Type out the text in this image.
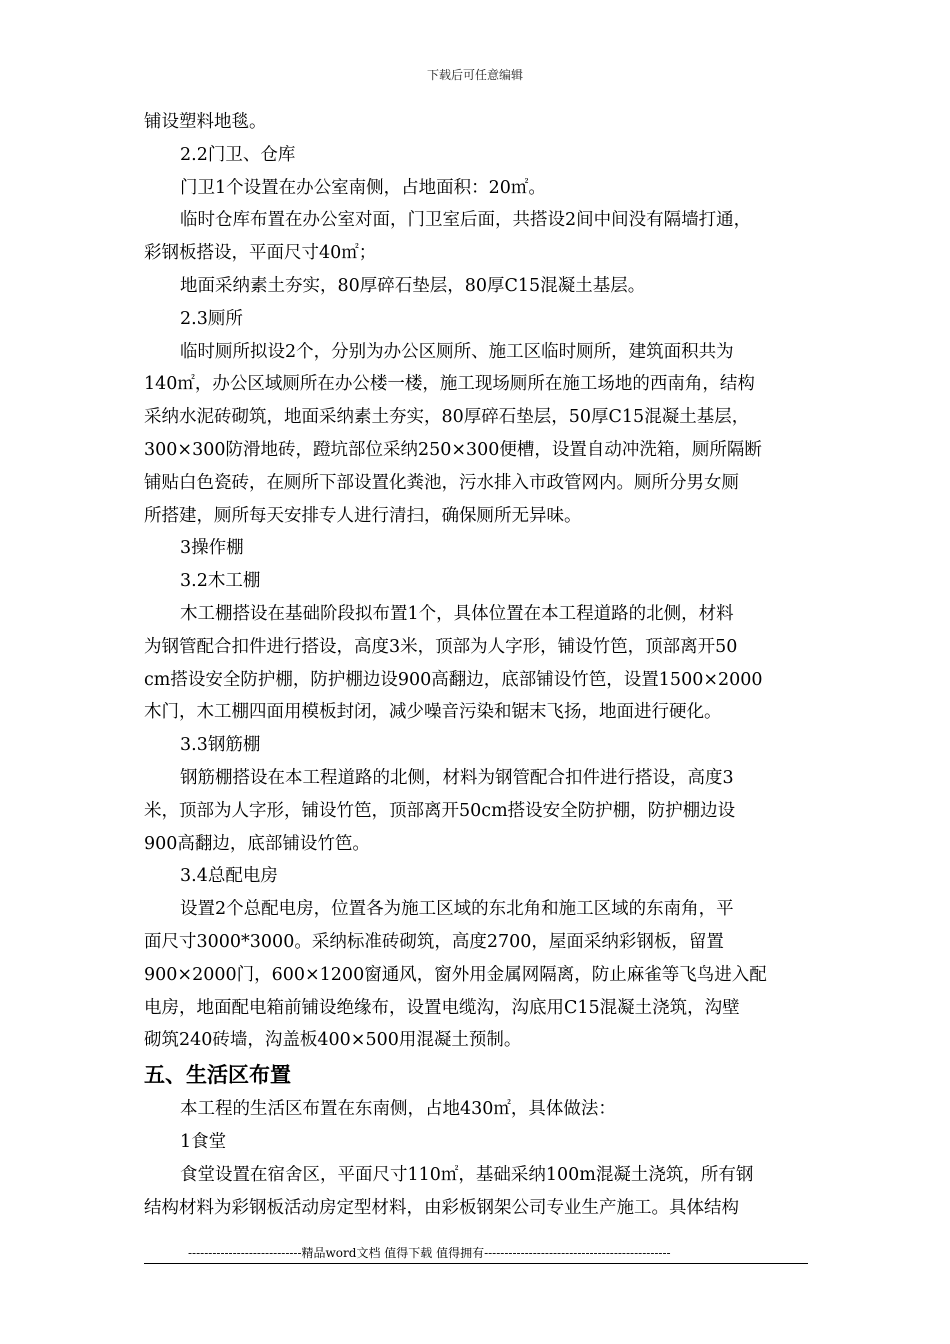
下载后可任意编辑
铺设塑料地毯。
2.2门卫、仓库
门卫1个设置在办公室南侧，占地面积：20㎡。
临时仓库布置在办公室对面，门卫室后面，共搭设2间中间没有隔墙打通，
彩钢板搭设，平面尺寸40㎡；
地面采纳素土夯实，80厚碎石垫层，80厚C15混凝土基层。
2.3厕所
临时厕所拟设2个，分别为办公区厕所、施工区临时厕所，建筑面积共为
140㎡，办公区域厕所在办公楼一楼，施工现场厕所在施工场地的西南角，结构
采纳水泥砖砌筑，地面采纳素土夯实，80厚碎石垫层，50厚C15混凝土基层，
300×300防滑地砖，蹬坑部位采纳250×300便槽，设置自动冲洗箱，厕所隔断
铺贴白色瓷砖，在厕所下部设置化粪池，污水排入市政管网内。厕所分男女厕
所搭建，厕所每天安排专人进行清扫，确保厕所无异味。
3操作棚
3.2木工棚
木工棚搭设在基础阶段拟布置1个，具体位置在本工程道路的北侧，材料
为钢管配合扣件进行搭设，高度3米，顶部为人字形，铺设竹笆，顶部离开50
cm搭设安全防护棚，防护棚边设900高翻边，底部铺设竹笆，设置1500×2000
木门，木工棚四面用模板封闭，减少噪音污染和锯末飞扬，地面进行硬化。
3.3钢筋棚
钢筋棚搭设在本工程道路的北侧，材料为钢管配合扣件进行搭设，高度3
米，顶部为人字形，铺设竹笆，顶部离开50cm搭设安全防护棚，防护棚边设
900高翻边，底部铺设竹笆。
3.4总配电房
设置2个总配电房，位置各为施工区域的东北角和施工区域的东南角，平
面尺寸3000*3000。采纳标准砖砌筑，高度2700，屋面采纳彩钢板，留置
900×2000门，600×1200窗通风，窗外用金属网隔离，防止麻雀等飞鸟进入配
电房，地面配电箱前铺设绝缘布，设置电缆沟，沟底用C15混凝土浇筑，沟壁
砌筑240砖墙，沟盖板400×500用混凝土预制。
五、生活区布置
本工程的生活区布置在东南侧，占地430㎡，具体做法：
1食堂
食堂设置在宿舍区，平面尺寸110㎡，基础采纳100m混凝土浇筑，所有钢
结构材料为彩钢板活动房定型材料，由彩板钢架公司专业生产施工。具体结构
----------------------------精品word文档 值得下载 值得拥有----------------------------------------------
